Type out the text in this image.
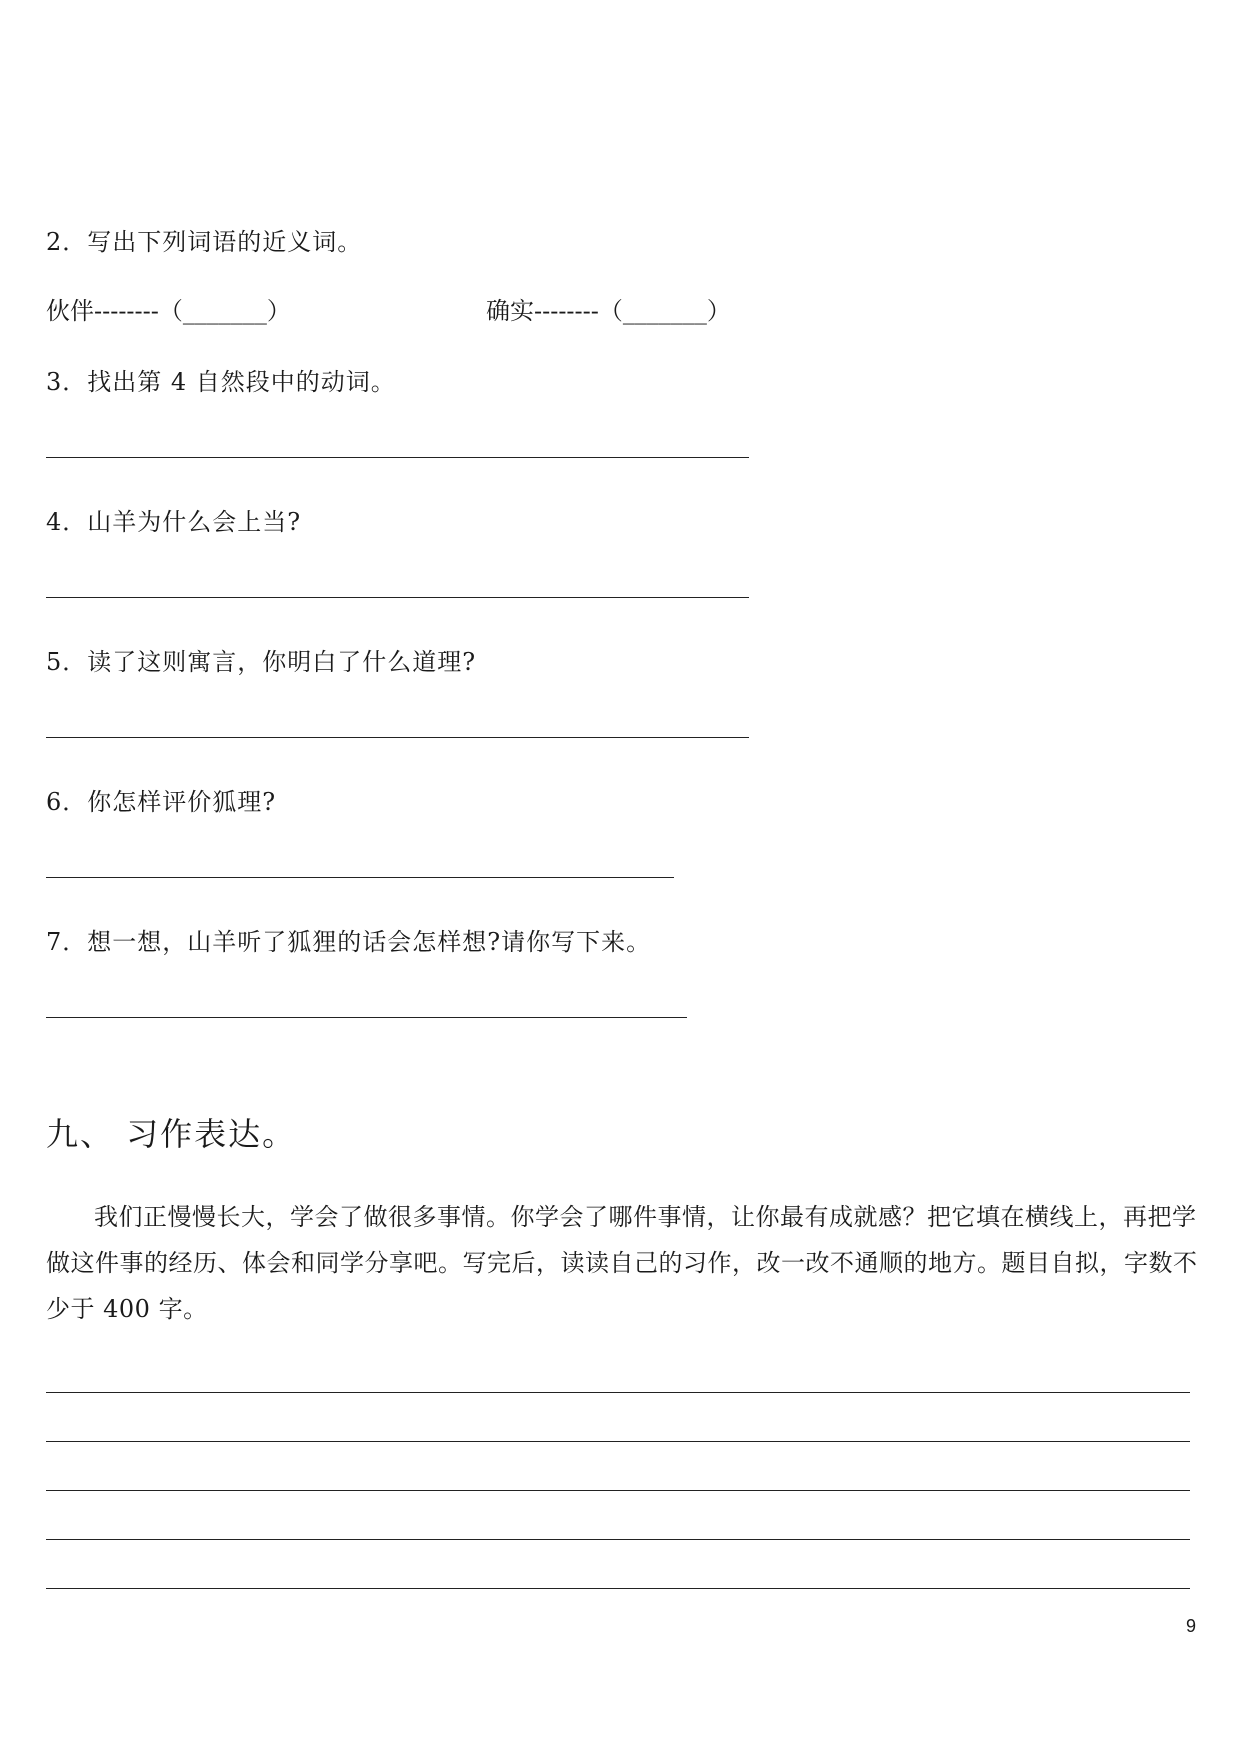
2．写出下列词语的近义词。
伙伴--------（_______）	确实--------（_______）
3．找出第 4 自然段中的动词。
4．山羊为什么会上当?
5．读了这则寓言，你明白了什么道理?
6．你怎样评价狐理?
7．想一想，山羊听了狐狸的话会怎样想?请你写下来。
九、 习作表达。
我们正慢慢长大，学会了做很多事情。你学会了哪件事情，让你最有成就感？把它填在横线上，再把学做这件事的经历、体会和同学分享吧。写完后，读读自己的习作，改一改不通顺的地方。题目自拟，字数不少于 400 字。
9
